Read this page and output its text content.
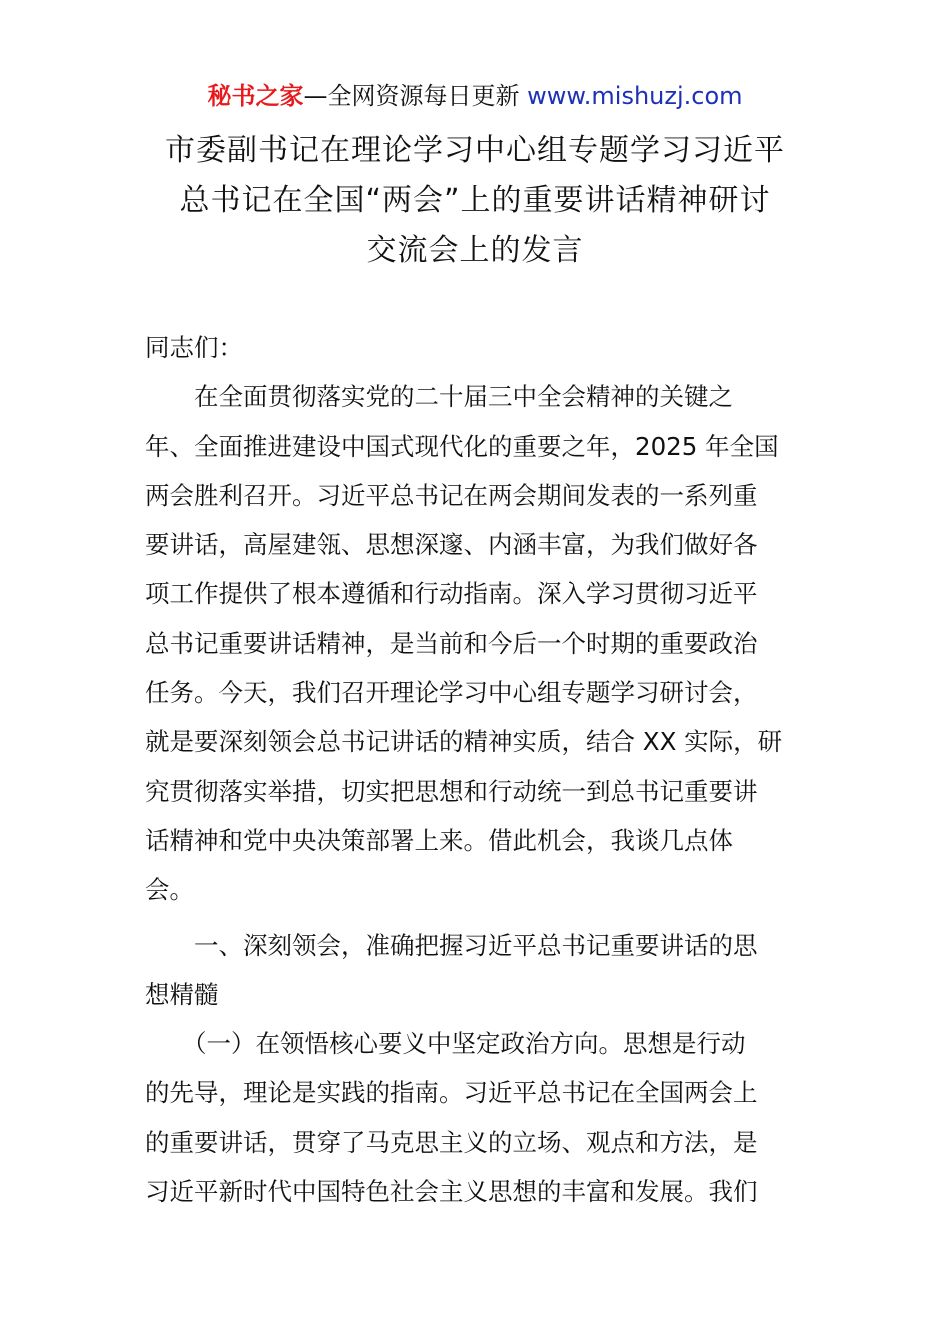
秘书之家—全网资源每日更新 www.mishuzj.com
市委副书记在理论学习中心组专题学习习近平
总书记在全国“两会”上的重要讲话精神研讨
交流会上的发言
同志们：
在全面贯彻落实党的二十届三中全会精神的关键之
年、全面推进建设中国式现代化的重要之年，2025 年全国
两会胜利召开。习近平总书记在两会期间发表的一系列重
要讲话，高屋建瓴、思想深邃、内涵丰富，为我们做好各
项工作提供了根本遵循和行动指南。深入学习贯彻习近平
总书记重要讲话精神，是当前和今后一个时期的重要政治
任务。今天，我们召开理论学习中心组专题学习研讨会，
就是要深刻领会总书记讲话的精神实质，结合 XX 实际，研
究贯彻落实举措，切实把思想和行动统一到总书记重要讲
话精神和党中央决策部署上来。借此机会，我谈几点体
会。
一、深刻领会，准确把握习近平总书记重要讲话的思
想精髓
（一）在领悟核心要义中坚定政治方向。思想是行动
的先导，理论是实践的指南。习近平总书记在全国两会上
的重要讲话，贯穿了马克思主义的立场、观点和方法，是
习近平新时代中国特色社会主义思想的丰富和发展。我们
